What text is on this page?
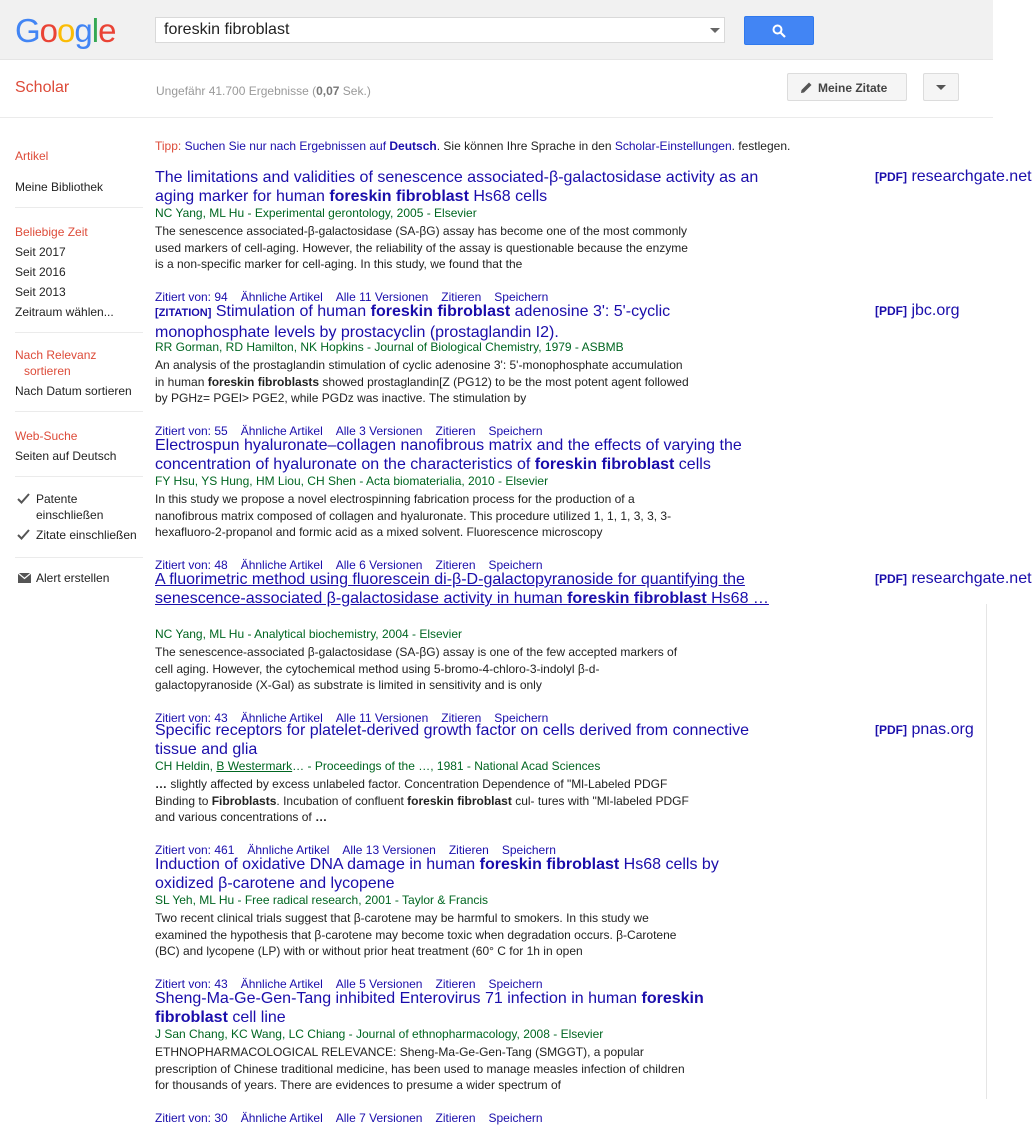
Google
foreskin fibroblast
Scholar	Ungefähr 41.700 Ergebnisse (0,07 Sek.)	Meine Zitate
Artikel
Meine Bibliothek
Beliebige Zeit
Seit 2017
Seit 2016
Seit 2013
Zeitraum wählen...
Nach Relevanz
sortieren
Nach Datum sortieren
Web-Suche
Seiten auf Deutsch
Patente
einschließen
Zitate einschließen
Alert erstellen
Tipp: Suchen Sie nur nach Ergebnissen auf Deutsch. Sie können Ihre Sprache in den Scholar-Einstellungen. festlegen.
The limitations and validities of senescence associated-β-galactosidase activity as an aging marker for human foreskin fibroblast Hs68 cells
NC Yang, ML Hu - Experimental gerontology, 2005 - Elsevier
The senescence associated-β-galactosidase (SA-βG) assay has become one of the most commonly used markers of cell-aging. However, the reliability of the assay is questionable because the enzyme is a non-specific marker for cell-aging. In this study, we found that the
Zitiert von: 94 Ähnliche Artikel Alle 11 Versionen Zitieren Speichern
[PDF] researchgate.net
[ZITATION] Stimulation of human foreskin fibroblast adenosine 3': 5'-cyclic monophosphate levels by prostacyclin (prostaglandin I2).
RR Gorman, RD Hamilton, NK Hopkins - Journal of Biological Chemistry, 1979 - ASBMB
An analysis of the prostaglandin stimulation of cyclic adenosine 3': 5'-monophosphate accumulation in human foreskin fibroblasts showed prostaglandin[Z (PG12) to be the most potent agent followed by PGHz= PGEI> PGE2, while PGDz was inactive. The stimulation by
Zitiert von: 55 Ähnliche Artikel Alle 3 Versionen Zitieren Speichern
[PDF] jbc.org
Electrospun hyaluronate–collagen nanofibrous matrix and the effects of varying the concentration of hyaluronate on the characteristics of foreskin fibroblast cells
FY Hsu, YS Hung, HM Liou, CH Shen - Acta biomaterialia, 2010 - Elsevier
In this study we propose a novel electrospinning fabrication process for the production of a nanofibrous matrix composed of collagen and hyaluronate. This procedure utilized 1, 1, 1, 3, 3, 3-hexafluoro-2-propanol and formic acid as a mixed solvent. Fluorescence microscopy
Zitiert von: 48 Ähnliche Artikel Alle 6 Versionen Zitieren Speichern
A fluorimetric method using fluorescein di-β-D-galactopyranoside for quantifying the senescence-associated β-galactosidase activity in human foreskin fibroblast Hs68 …
NC Yang, ML Hu - Analytical biochemistry, 2004 - Elsevier
The senescence-associated β-galactosidase (SA-βG) assay is one of the few accepted markers of cell aging. However, the cytochemical method using 5-bromo-4-chloro-3-indolyl β-d-galactopyranoside (X-Gal) as substrate is limited in sensitivity and is only
Zitiert von: 43 Ähnliche Artikel Alle 11 Versionen Zitieren Speichern
[PDF] researchgate.net
Specific receptors for platelet-derived growth factor on cells derived from connective tissue and glia
CH Heldin, B Westermark… - Proceedings of the …, 1981 - National Acad Sciences
… slightly affected by excess unlabeled factor. Concentration Dependence of "Ml-Labeled PDGF Binding to Fibroblasts. Incubation of confluent foreskin fibroblast cul- tures with "Ml-labeled PDGF and various concentrations of …
Zitiert von: 461 Ähnliche Artikel Alle 13 Versionen Zitieren Speichern
[PDF] pnas.org
Induction of oxidative DNA damage in human foreskin fibroblast Hs68 cells by oxidized β-carotene and lycopene
SL Yeh, ML Hu - Free radical research, 2001 - Taylor & Francis
Two recent clinical trials suggest that β-carotene may be harmful to smokers. In this study we examined the hypothesis that β-carotene may become toxic when degradation occurs. β-Carotene (BC) and lycopene (LP) with or without prior heat treatment (60° C for 1h in open
Zitiert von: 43 Ähnliche Artikel Alle 5 Versionen Zitieren Speichern
Sheng-Ma-Ge-Gen-Tang inhibited Enterovirus 71 infection in human foreskin fibroblast cell line
J San Chang, KC Wang, LC Chiang - Journal of ethnopharmacology, 2008 - Elsevier
ETHNOPHARMACOLOGICAL RELEVANCE: Sheng-Ma-Ge-Gen-Tang (SMGGT), a popular prescription of Chinese traditional medicine, has been used to manage measles infection of children for thousands of years. There are evidences to presume a wider spectrum of
Zitiert von: 30 Ähnliche Artikel Alle 7 Versionen Zitieren Speichern
